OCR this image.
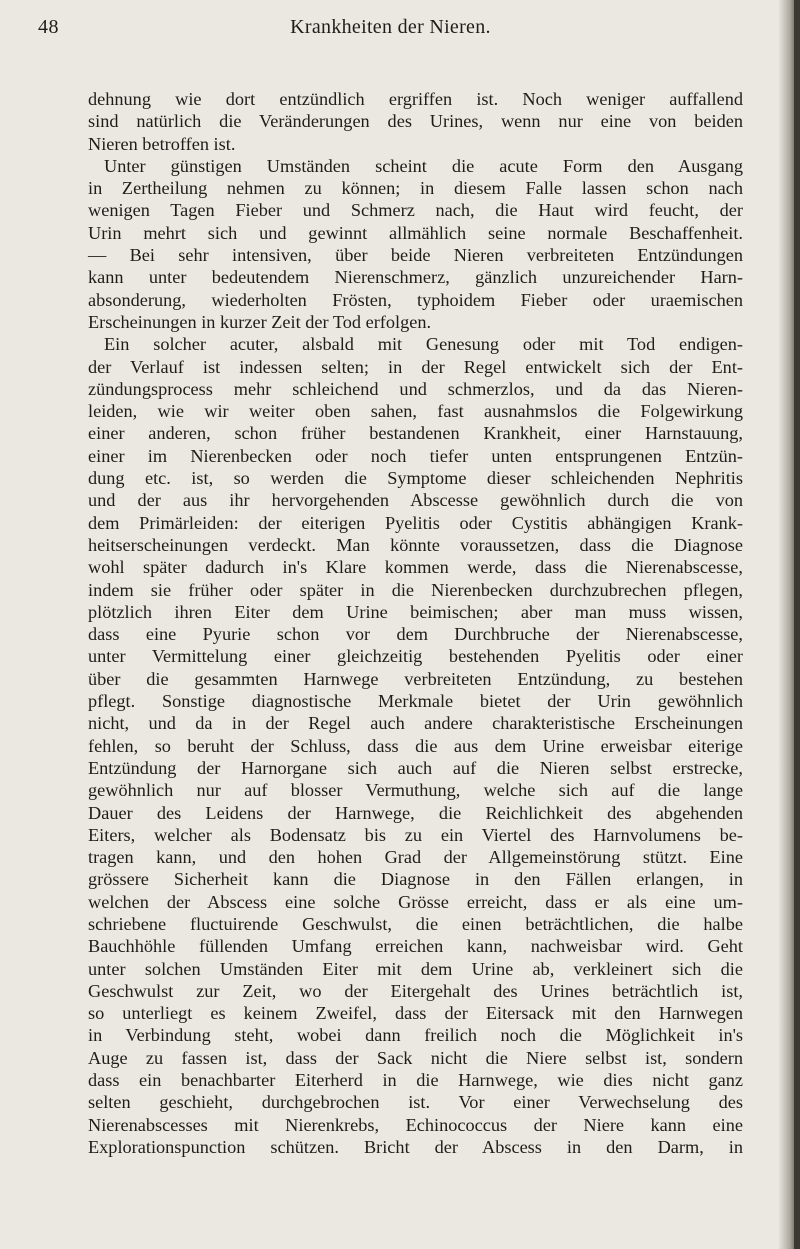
48	Krankheiten der Nieren.
dehnung wie dort entzündlich ergriffen ist. Noch weniger auffallend
sind natürlich die Veränderungen des Urines, wenn nur eine von beiden
Nieren betroffen ist.
Unter günstigen Umständen scheint die acute Form den Ausgang
in Zertheilung nehmen zu können; in diesem Falle lassen schon nach
wenigen Tagen Fieber und Schmerz nach, die Haut wird feucht, der
Urin mehrt sich und gewinnt allmählich seine normale Beschaffenheit.
— Bei sehr intensiven, über beide Nieren verbreiteten Entzündungen
kann unter bedeutendem Nierenschmerz, gänzlich unzureichender Harn-
absonderung, wiederholten Frösten, typhoidem Fieber oder uraemischen
Erscheinungen in kurzer Zeit der Tod erfolgen.
Ein solcher acuter, alsbald mit Genesung oder mit Tod endigen-
der Verlauf ist indessen selten; in der Regel entwickelt sich der Ent-
zündungsprocess mehr schleichend und schmerzlos, und da das Nieren-
leiden, wie wir weiter oben sahen, fast ausnahmslos die Folgewirkung
einer anderen, schon früher bestandenen Krankheit, einer Harnstauung,
einer im Nierenbecken oder noch tiefer unten entsprungenen Entzün-
dung etc. ist, so werden die Symptome dieser schleichenden Nephritis
und der aus ihr hervorgehenden Abscesse gewöhnlich durch die von
dem Primärleiden: der eiterigen Pyelitis oder Cystitis abhängigen Krank-
heitserscheinungen verdeckt. Man könnte voraussetzen, dass die Diagnose
wohl später dadurch in's Klare kommen werde, dass die Nierenabscesse,
indem sie früher oder später in die Nierenbecken durchzubrechen pflegen,
plötzlich ihren Eiter dem Urine beimischen; aber man muss wissen,
dass eine Pyurie schon vor dem Durchbruche der Nierenabscesse,
unter Vermittelung einer gleichzeitig bestehenden Pyelitis oder einer
über die gesammten Harnwege verbreiteten Entzündung, zu bestehen
pflegt. Sonstige diagnostische Merkmale bietet der Urin gewöhnlich
nicht, und da in der Regel auch andere charakteristische Erscheinungen
fehlen, so beruht der Schluss, dass die aus dem Urine erweisbar eiterige
Entzündung der Harnorgane sich auch auf die Nieren selbst erstrecke,
gewöhnlich nur auf blosser Vermuthung, welche sich auf die lange
Dauer des Leidens der Harnwege, die Reichlichkeit des abgehenden
Eiters, welcher als Bodensatz bis zu ein Viertel des Harnvolumens be-
tragen kann, und den hohen Grad der Allgemeinstörung stützt. Eine
grössere Sicherheit kann die Diagnose in den Fällen erlangen, in
welchen der Abscess eine solche Grösse erreicht, dass er als eine um-
schriebene fluctuirende Geschwulst, die einen beträchtlichen, die halbe
Bauchhöhle füllenden Umfang erreichen kann, nachweisbar wird. Geht
unter solchen Umständen Eiter mit dem Urine ab, verkleinert sich die
Geschwulst zur Zeit, wo der Eitergehalt des Urines beträchtlich ist,
so unterliegt es keinem Zweifel, dass der Eitersack mit den Harnwegen
in Verbindung steht, wobei dann freilich noch die Möglichkeit in's
Auge zu fassen ist, dass der Sack nicht die Niere selbst ist, sondern
dass ein benachbarter Eiterherd in die Harnwege, wie dies nicht ganz
selten geschieht, durchgebrochen ist. Vor einer Verwechselung des
Nierenabscesses mit Nierenkrebs, Echinococcus der Niere kann eine
Explorationspunction schützen. Bricht der Abscess in den Darm, in
